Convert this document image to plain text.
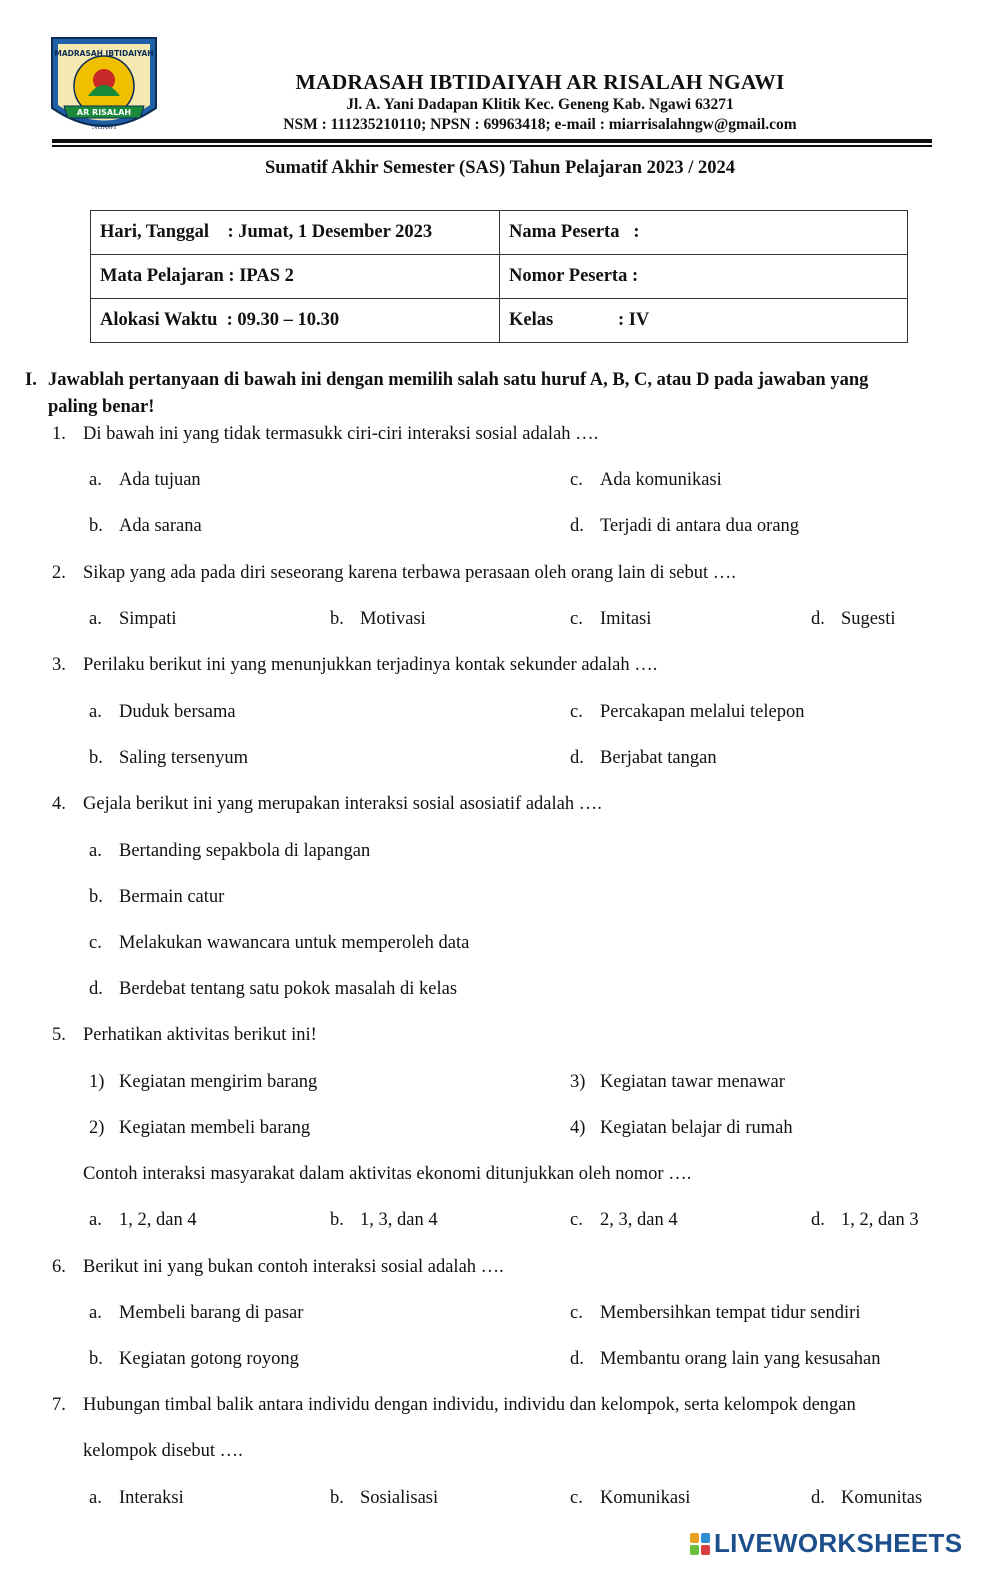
MADRASAH IBTIDAIYAH
AR RISALAH
NGAWI
MADRASAH IBTIDAIYAH AR RISALAH NGAWI
Jl. A. Yani Dadapan Klitik Kec. Geneng Kab. Ngawi 63271
NSM : 111235210110; NPSN : 69963418; e-mail : miarrisalahngw@gmail.com
Sumatif Akhir Semester (SAS) Tahun Pelajaran 2023 / 2024
Hari, Tanggal    : Jumat, 1 Desember 2023	Nama Peserta   :
Mata Pelajaran : IPAS 2	Nomor Peserta :
Alokasi Waktu  : 09.30 – 10.30	Kelas              : IV
I. Jawablah pertanyaan di bawah ini dengan memilih salah satu huruf A, B, C, atau D pada jawaban yang
paling benar!
1. Di bawah ini yang tidak termasukk ciri-ciri interaksi sosial adalah ….
a. Ada tujuan	c. Ada komunikasi
b. Ada sarana	d. Terjadi di antara dua orang
2. Sikap yang ada pada diri seseorang karena terbawa perasaan oleh orang lain di sebut ….
a. Simpati	b. Motivasi	c. Imitasi	d. Sugesti
3. Perilaku berikut ini yang menunjukkan terjadinya kontak sekunder adalah ….
a. Duduk bersama	c. Percakapan melalui telepon
b. Saling tersenyum	d. Berjabat tangan
4. Gejala berikut ini yang merupakan interaksi sosial asosiatif adalah ….
a. Bertanding sepakbola di lapangan
b. Bermain catur
c. Melakukan wawancara untuk memperoleh data
d. Berdebat tentang satu pokok masalah di kelas
5. Perhatikan aktivitas berikut ini!
1) Kegiatan mengirim barang	3) Kegiatan tawar menawar
2) Kegiatan membeli barang	4) Kegiatan belajar di rumah
Contoh interaksi masyarakat dalam aktivitas ekonomi ditunjukkan oleh nomor ….
a. 1, 2, dan 4	b. 1, 3, dan 4	c. 2, 3, dan 4	d. 1, 2, dan 3
6. Berikut ini yang bukan contoh interaksi sosial adalah ….
a. Membeli barang di pasar	c. Membersihkan tempat tidur sendiri
b. Kegiatan gotong royong	d. Membantu orang lain yang kesusahan
7. Hubungan timbal balik antara individu dengan individu, individu dan kelompok, serta kelompok dengan
kelompok disebut ….
a. Interaksi	b. Sosialisasi	c. Komunikasi	d. Komunitas
LIVEWORKSHEETS
